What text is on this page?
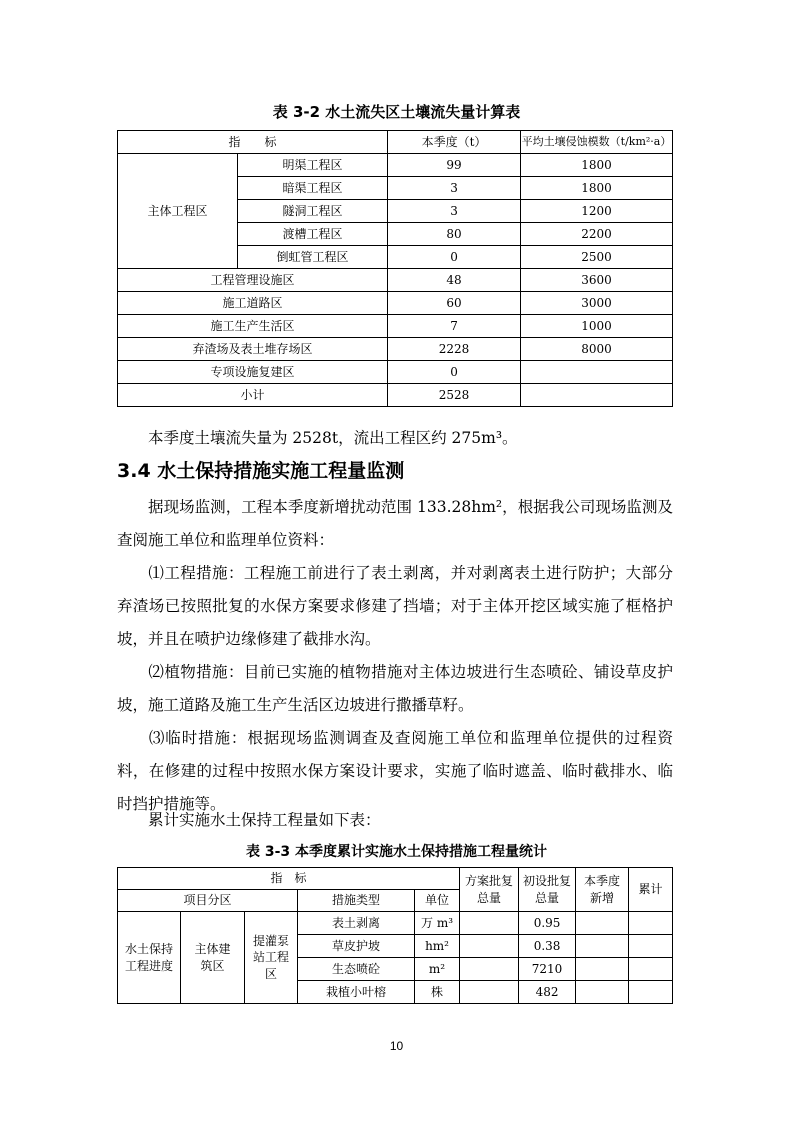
表 3-2 水土流失区土壤流失量计算表
指　　标		本季度（t）	平均土壤侵蚀模数（t/km²·a）
主体工程区	明渠工程区	99	1800
	暗渠工程区	3	1800
	隧洞工程区	3	1200
	渡槽工程区	80	2200
	倒虹管工程区	0	2500
工程管理设施区		48	3600
施工道路区		60	3000
施工生产生活区		7	1000
弃渣场及表土堆存场区		2228	8000
专项设施复建区		0	
小计		2528	
本季度土壤流失量为 2528t，流出工程区约 275m³。
3.4 水土保持措施实施工程量监测
据现场监测，工程本季度新增扰动范围 133.28hm²，根据我公司现场监测及查阅施工单位和监理单位资料：
⑴工程措施：工程施工前进行了表土剥离，并对剥离表土进行防护；大部分弃渣场已按照批复的水保方案要求修建了挡墙；对于主体开挖区域实施了框格护坡，并且在喷护边缘修建了截排水沟。
⑵植物措施：目前已实施的植物措施对主体边坡进行生态喷砼、铺设草皮护坡，施工道路及施工生产生活区边坡进行撒播草籽。
⑶临时措施：根据现场监测调查及查阅施工单位和监理单位提供的过程资料，在修建的过程中按照水保方案设计要求，实施了临时遮盖、临时截排水、临时挡护措施等。
累计实施水土保持工程量如下表：
表 3-3 本季度累计实施水土保持措施工程量统计
指　标					方案批复总量	初设批复总量	本季度新增	累计
项目分区			措施类型	单位				
水土保持工程进度	主体建筑区	提灌泵站工程区	表土剥离	万 m³		0.95		
			草皮护坡	hm²		0.38		
			生态喷砼	m²		7210		
			栽植小叶榕	株		482		
10
